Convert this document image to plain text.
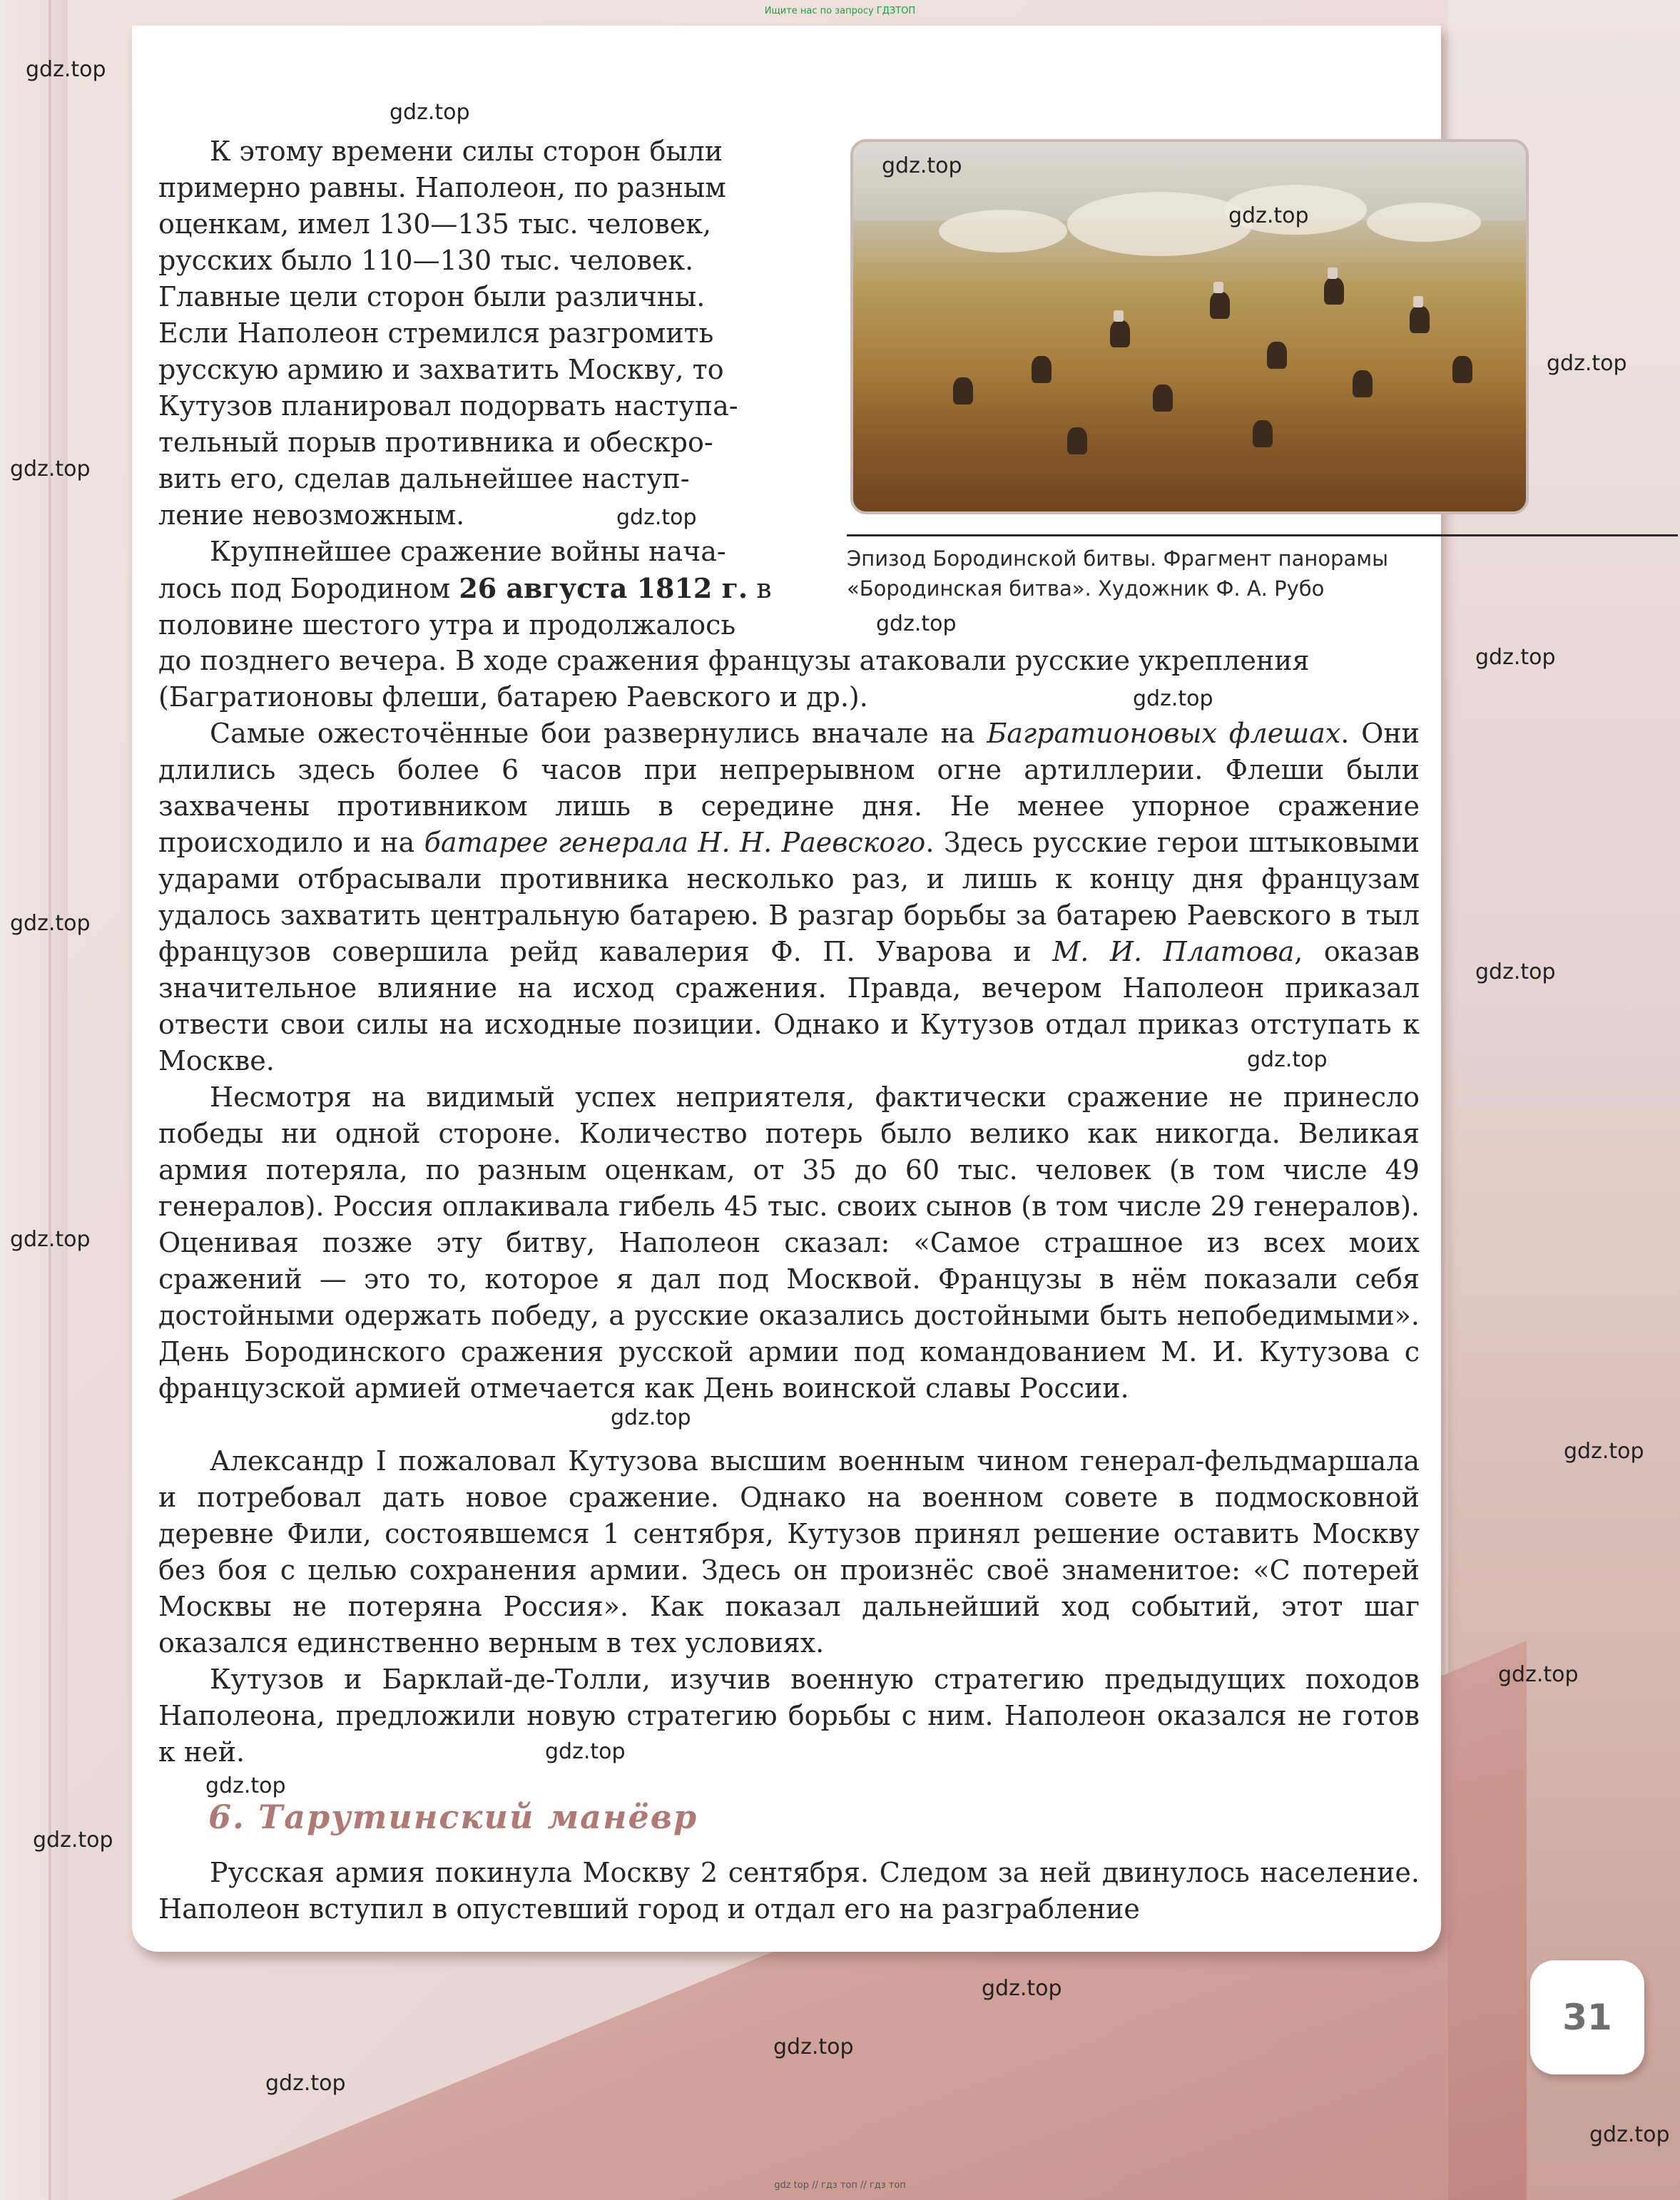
Ищите нас по запросу ГДЗТОП
Эпизод Бородинской битвы. Фрагмент панорамы
«Бородинская битва». Художник Ф. А. Рубо
К этому времени силы сторон были
примерно равны. Наполеон, по разным
оценкам, имел 130—135 тыс. человек,
русских было 110—130 тыс. человек.
Главные цели сторон были различны.
Если Наполеон стремился разгромить
русскую армию и захватить Москву, то
Кутузов планировал подорвать наступа-
тельный порыв противника и обескро-
вить его, сделав дальнейшее наступ-
ление невозможным.
Крупнейшее сражение войны нача-
лось под Бородином 26 августа 1812 г. в
половине шестого утра и продолжалось
до позднего вечера. В ходе сражения французы атаковали русские укрепления
(Багратионовы флеши, батарею Раевского и др.).

Самые ожесточённые бои развернулись вначале на Багратионовых флешах. Они длились здесь более 6 часов при непрерывном огне артиллерии. Флеши были захвачены противником лишь в середине дня. Не менее упорное сражение происходило и на батарее генерала Н. Н. Раевского. Здесь русские герои штыковыми ударами отбрасывали противника несколько раз, и лишь к концу дня французам удалось захватить центральную батарею. В разгар борьбы за батарею Раевского в тыл французов совершила рейд кавалерия Ф. П. Уварова и М. И. Платова, оказав значительное влияние на исход сражения. Правда, вечером Наполеон приказал отвести свои силы на исходные позиции. Однако и Кутузов отдал приказ отступать к Москве.

Несмотря на видимый успех неприятеля, фактически сражение не принесло победы ни одной стороне. Количество потерь было велико как никогда. Великая армия потеряла, по разным оценкам, от 35 до 60 тыс. человек (в том числе 49 генералов). Россия оплакивала гибель 45 тыс. своих сынов (в том числе 29 генералов). Оценивая позже эту битву, Наполеон сказал: «Самое страшное из всех моих сражений — это то, которое я дал под Москвой. Французы в нём показали себя достойными одержать победу, а русские оказались достойными быть непобедимыми». День Бородинского сражения русской армии под командованием М. И. Кутузова с французской армией отмечается как День воинской славы России.

Александр I пожаловал Кутузова высшим военным чином генерал-фельдмаршала и потребовал дать новое сражение. Однако на военном совете в подмосковной деревне Фили, состоявшемся 1 сентября, Кутузов принял решение оставить Москву без боя с целью сохранения армии. Здесь он произнёс своё знаменитое: «С потерей Москвы не потеряна Россия». Как показал дальнейший ход событий, этот шаг оказался единственно верным в тех условиях.

Кутузов и Барклай-де-Толли, изучив военную стратегию предыдущих походов Наполеона, предложили новую стратегию борьбы с ним. Наполеон оказался не готов к ней.

6. Тарутинский манёвр

Русская армия покинула Москву 2 сентября. Следом за ней двинулось население. Наполеон вступил в опустевший город и отдал его на разграбление

31
gdz.top
gdz.top
gdz.top
gdz.top
gdz.top
gdz.top
gdz.top
gdz.top
gdz.top
gdz.top
gdz.top
gdz.top
gdz.top
gdz.top
gdz.top
gdz.top
gdz.top
gdz.top
gdz.top
gdz.top
gdz.top
gdz.top
gdz.top
gdz.top
gdz top // гдз топ // гдз топ
